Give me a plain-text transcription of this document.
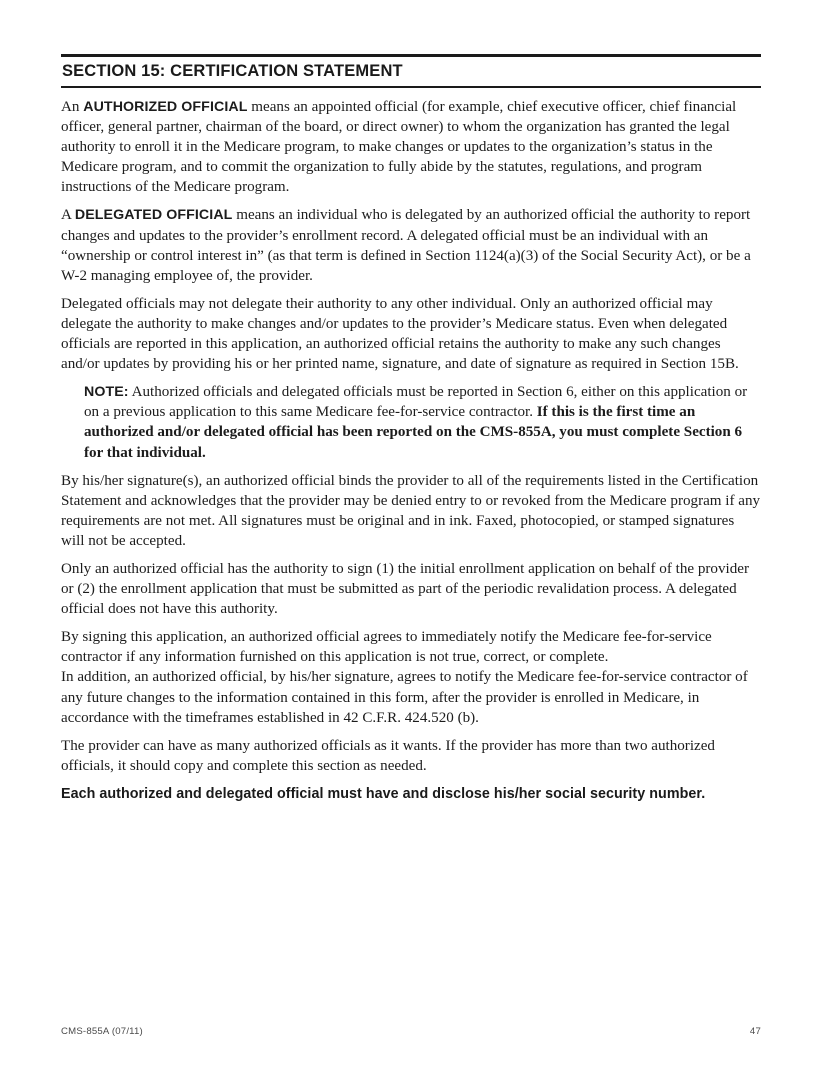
SECTION 15: CERTIFICATION STATEMENT

An AUTHORIZED OFFICIAL means an appointed official (for example, chief executive officer, chief financial officer, general partner, chairman of the board, or direct owner) to whom the organization has granted the legal authority to enroll it in the Medicare program, to make changes or updates to the organization’s status in the Medicare program, and to commit the organization to fully abide by the statutes, regulations, and program instructions of the Medicare program.

A DELEGATED OFFICIAL means an individual who is delegated by an authorized official the authority to report changes and updates to the provider’s enrollment record. A delegated official must be an individual with an “ownership or control interest in” (as that term is defined in Section 1124(a)(3) of the Social Security Act), or be a W-2 managing employee of, the provider.

Delegated officials may not delegate their authority to any other individual. Only an authorized official may delegate the authority to make changes and/or updates to the provider’s Medicare status. Even when delegated officials are reported in this application, an authorized official retains the authority to make any such changes and/or updates by providing his or her printed name, signature, and date of signature as required in Section 15B.

NOTE: Authorized officials and delegated officials must be reported in Section 6, either on this application or on a previous application to this same Medicare fee-for-service contractor. If this is the first time an authorized and/or delegated official has been reported on the CMS-855A, you must complete Section 6 for that individual.

By his/her signature(s), an authorized official binds the provider to all of the requirements listed in the Certification Statement and acknowledges that the provider may be denied entry to or revoked from the Medicare program if any requirements are not met. All signatures must be original and in ink. Faxed, photocopied, or stamped signatures will not be accepted.

Only an authorized official has the authority to sign (1) the initial enrollment application on behalf of the provider or (2) the enrollment application that must be submitted as part of the periodic revalidation process. A delegated official does not have this authority.

By signing this application, an authorized official agrees to immediately notify the Medicare fee-for-service contractor if any information furnished on this application is not true, correct, or complete.
In addition, an authorized official, by his/her signature, agrees to notify the Medicare fee-for-service contractor of any future changes to the information contained in this form, after the provider is enrolled in Medicare, in accordance with the timeframes established in 42 C.F.R. 424.520 (b).

The provider can have as many authorized officials as it wants. If the provider has more than two authorized officials, it should copy and complete this section as needed.

Each authorized and delegated official must have and disclose his/her social security number.

CMS-855A (07/11)	47
